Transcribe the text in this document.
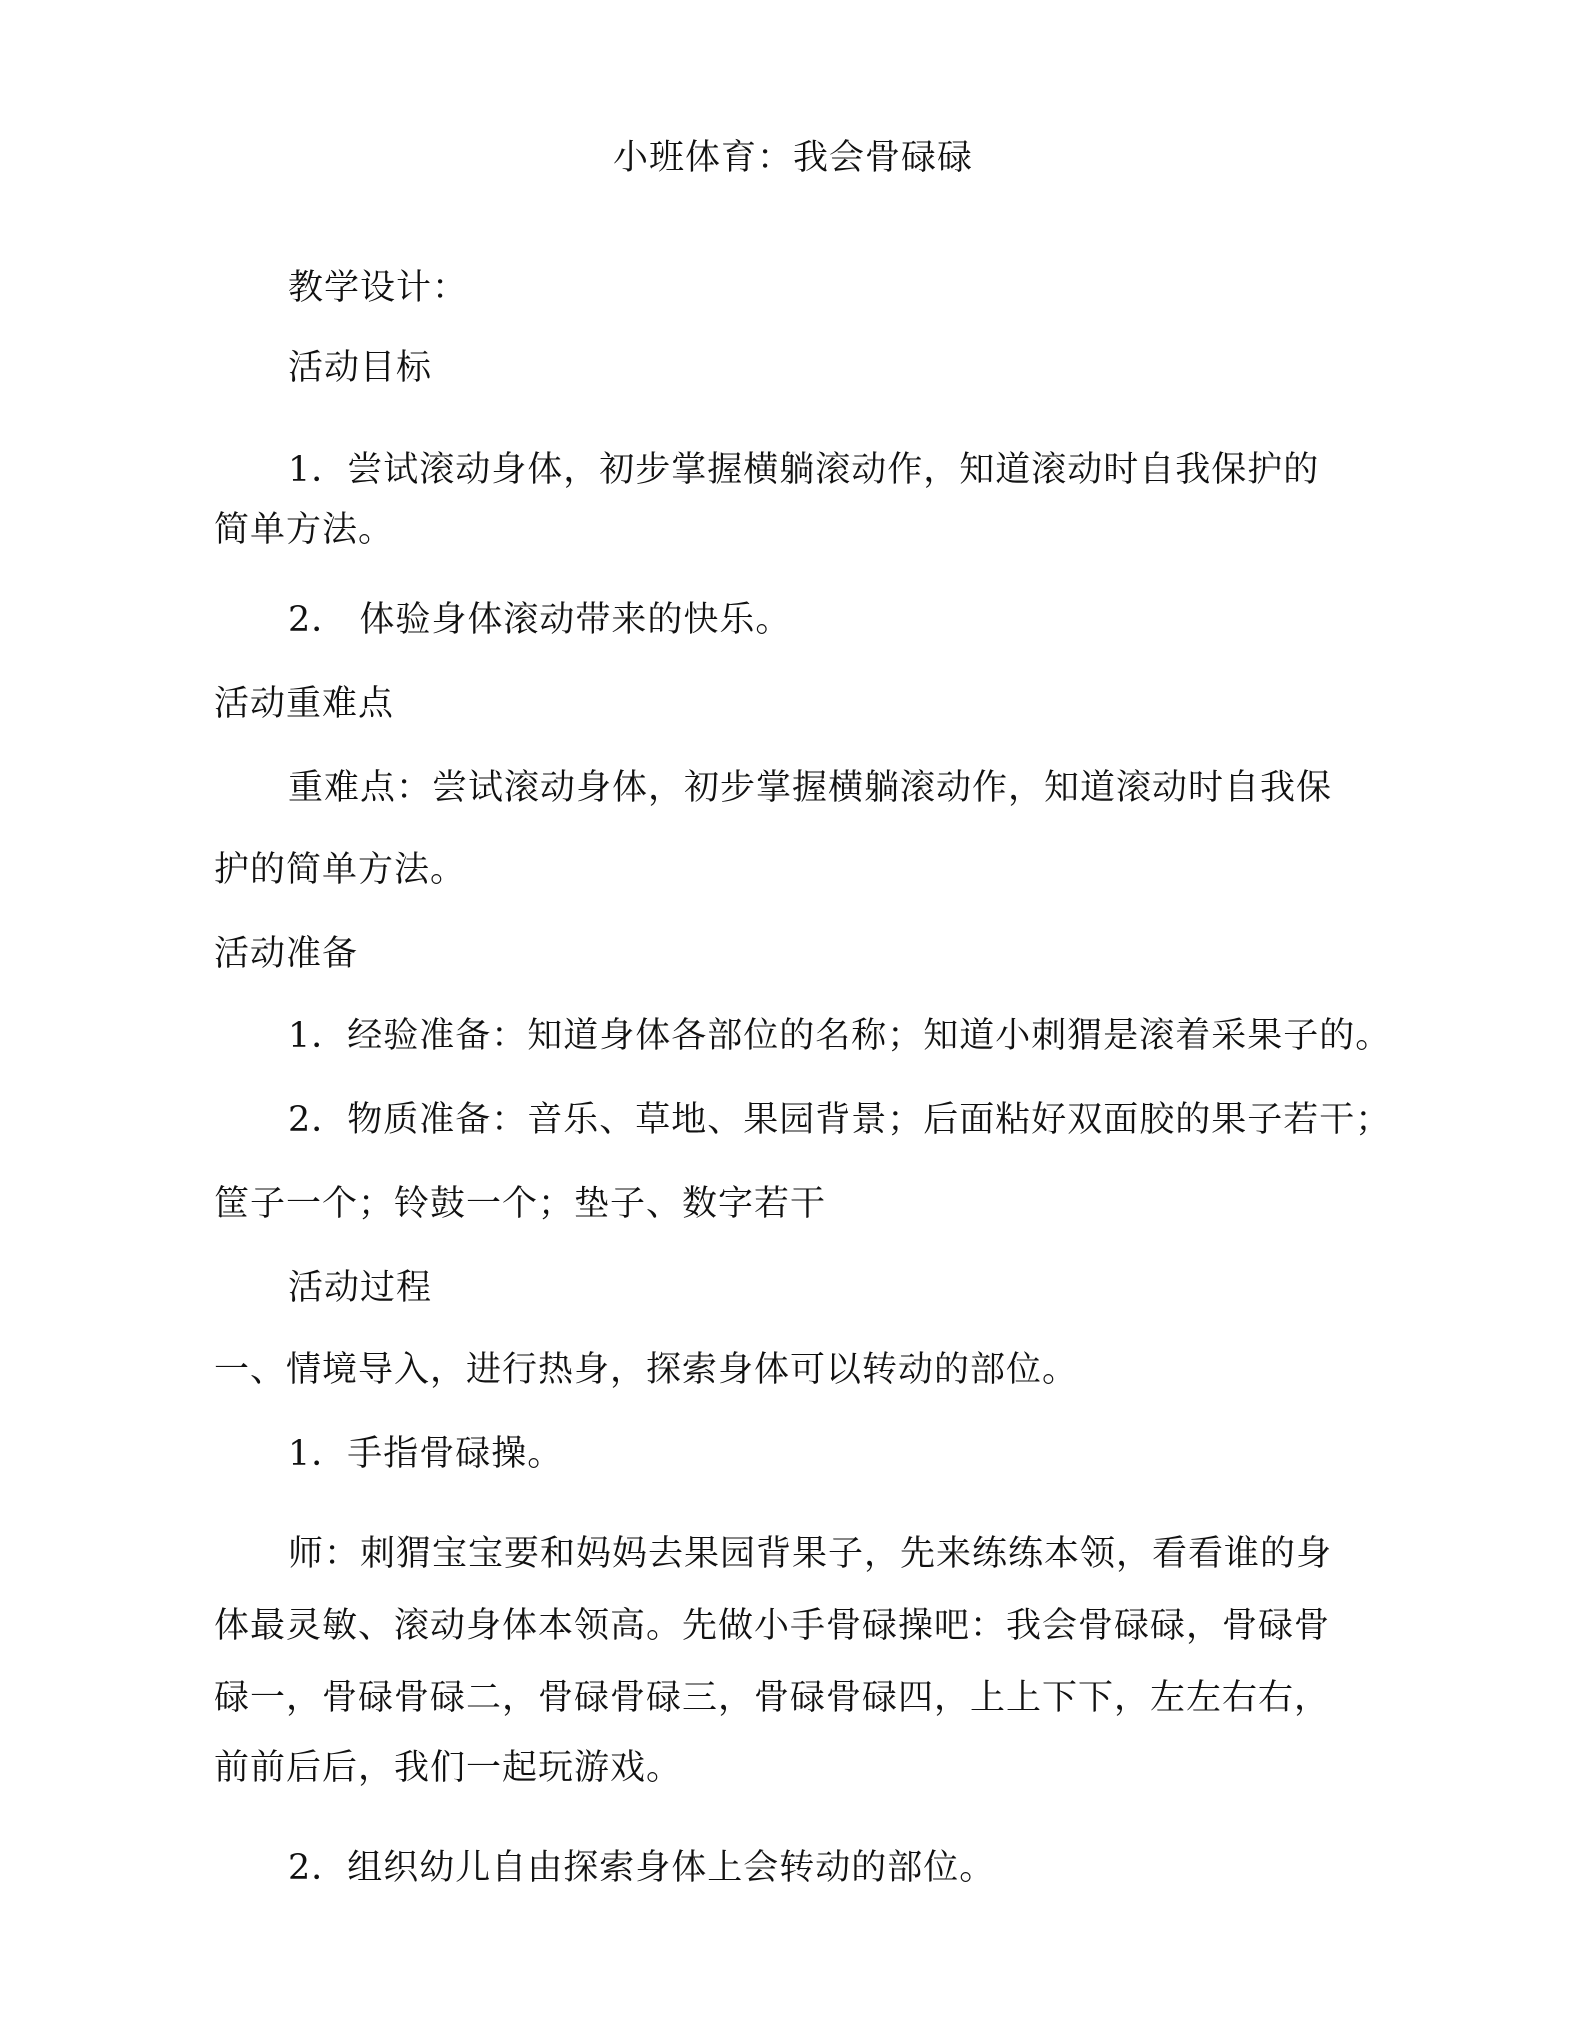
小班体育：我会骨碌碌
教学设计：
活动目标
1．尝试滚动身体，初步掌握横躺滚动作，知道滚动时自我保护的
简单方法。
2． 体验身体滚动带来的快乐。
活动重难点
重难点：尝试滚动身体，初步掌握横躺滚动作，知道滚动时自我保
护的简单方法。
活动准备
1．经验准备：知道身体各部位的名称；知道小刺猬是滚着采果子的。
2．物质准备：音乐、草地、果园背景；后面粘好双面胶的果子若干；
筐子一个；铃鼓一个；垫子、数字若干
活动过程
一、情境导入，进行热身，探索身体可以转动的部位。
1．手指骨碌操。
师：刺猬宝宝要和妈妈去果园背果子，先来练练本领，看看谁的身
体最灵敏、滚动身体本领高。先做小手骨碌操吧：我会骨碌碌，骨碌骨
碌一，骨碌骨碌二，骨碌骨碌三，骨碌骨碌四，上上下下，左左右右，
前前后后，我们一起玩游戏。
2．组织幼儿自由探索身体上会转动的部位。
